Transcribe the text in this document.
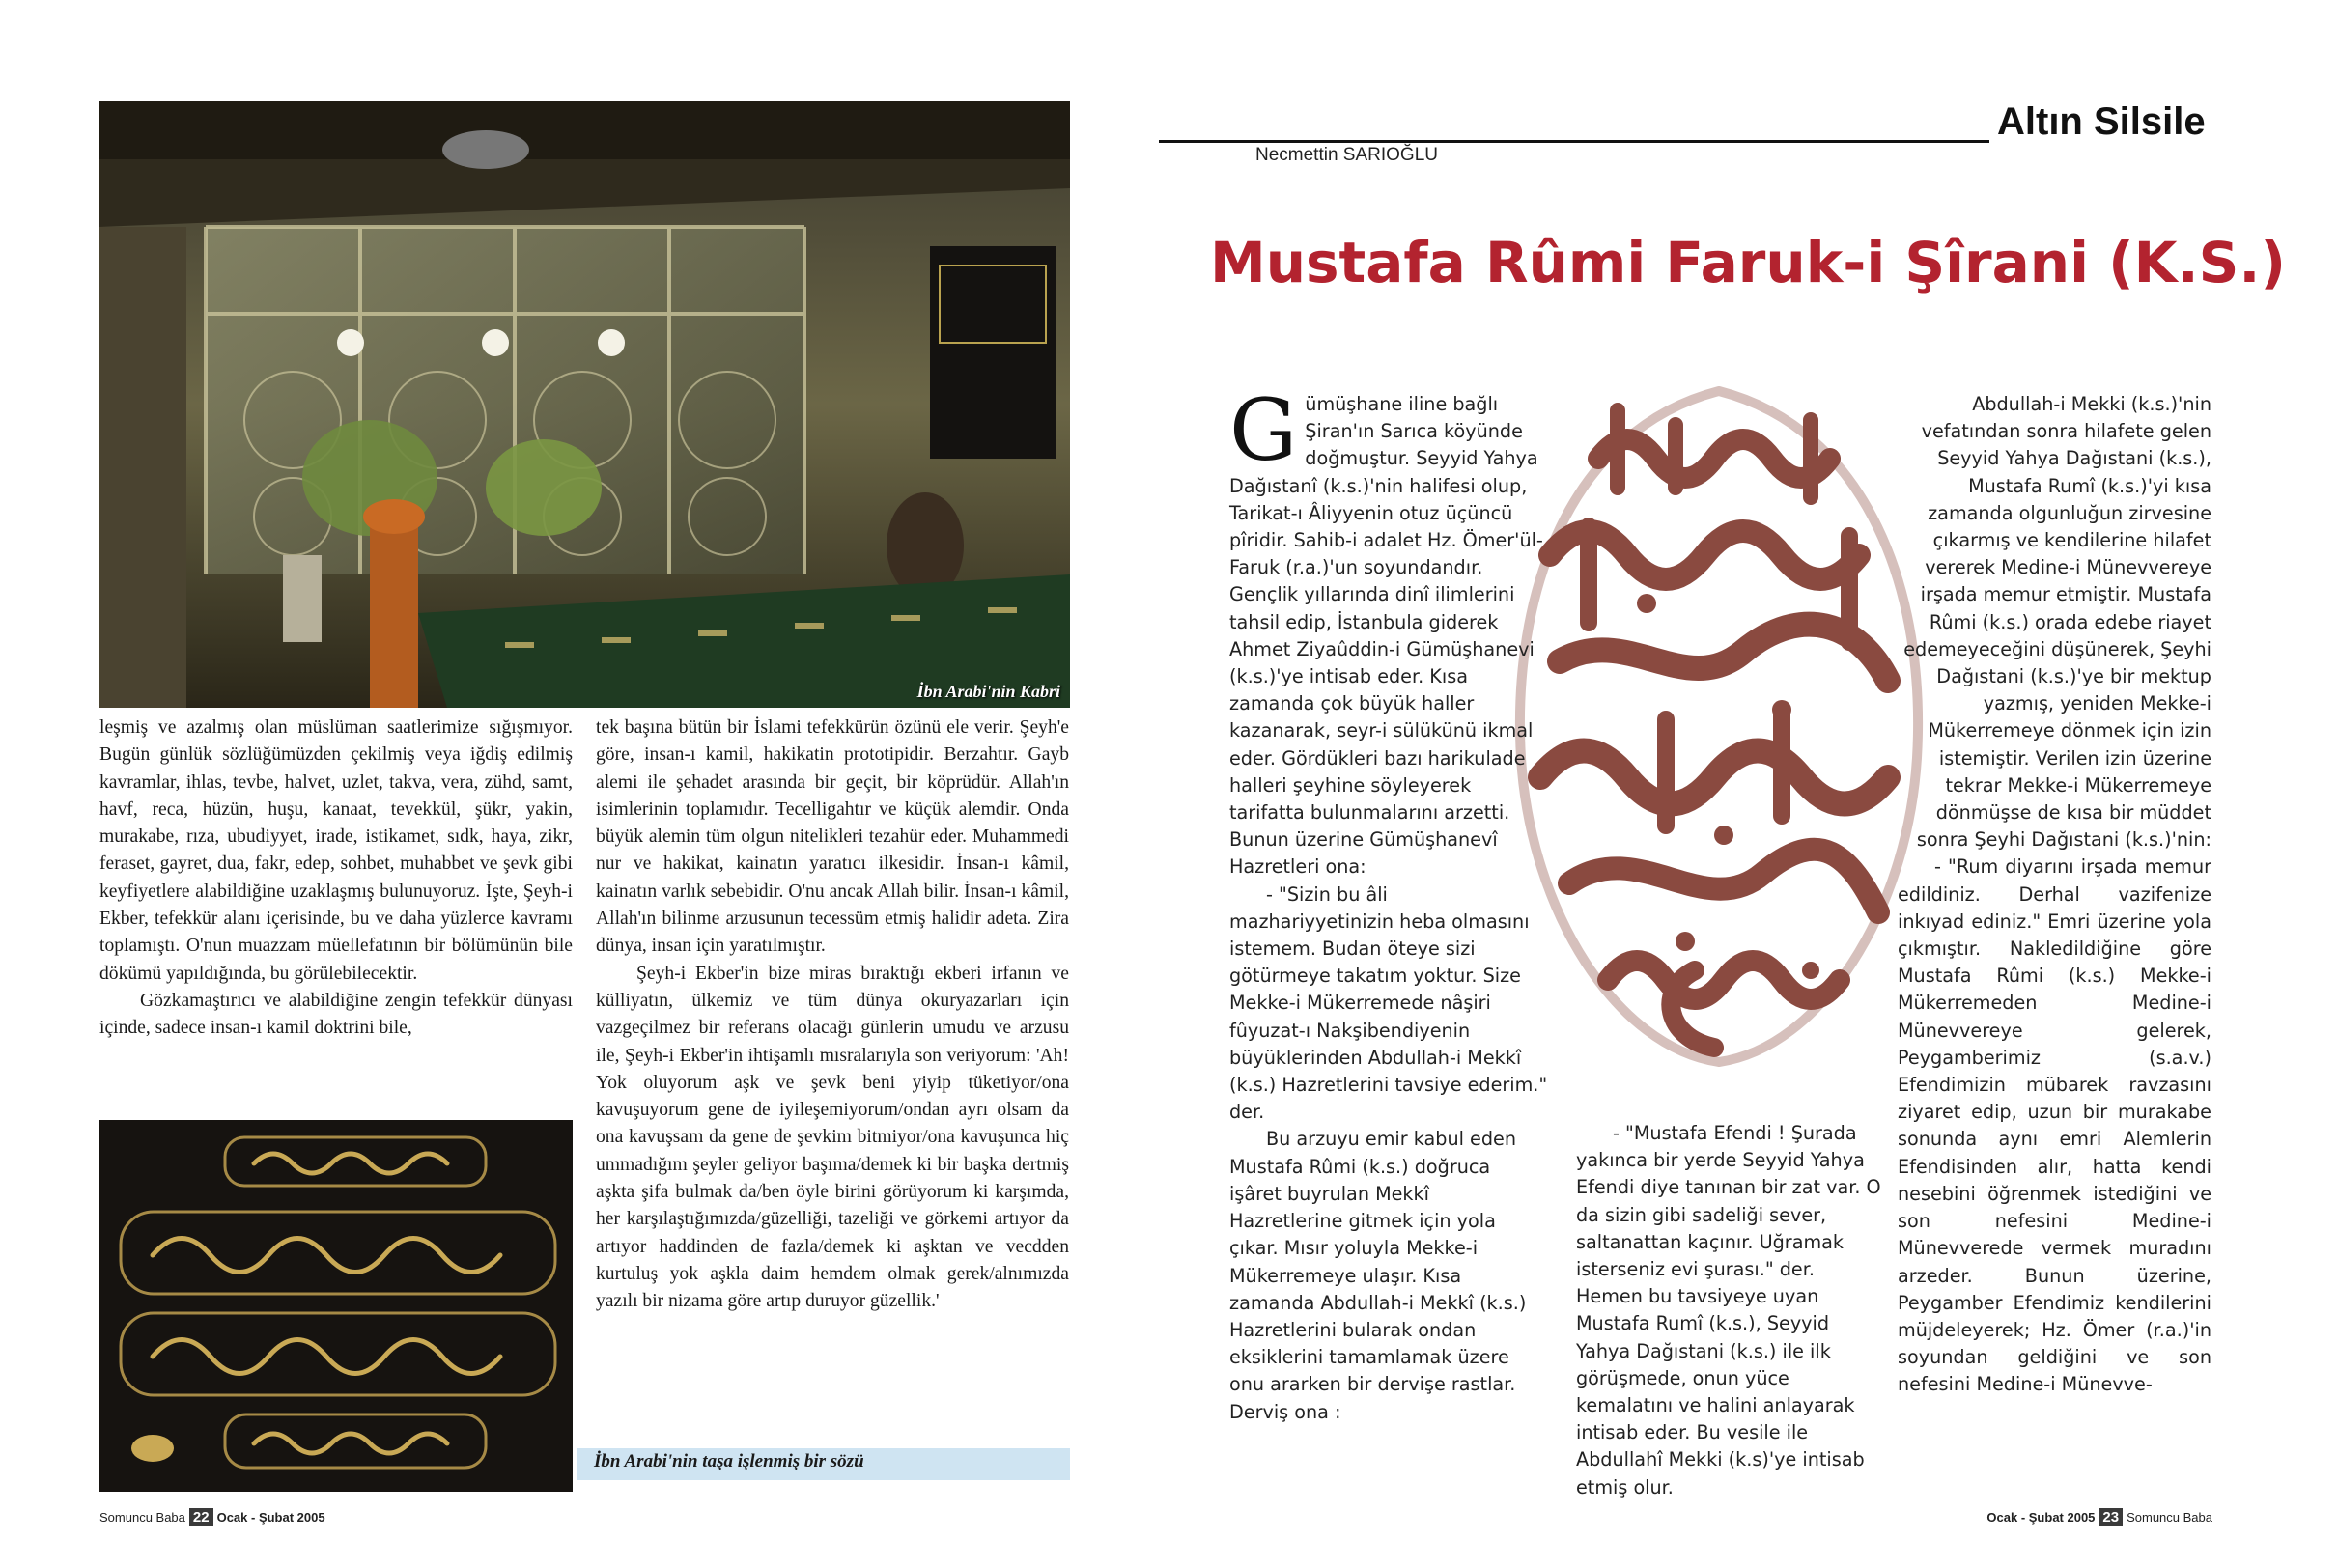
İbn Arabi'nin Kabri

leşmiş ve azalmış olan müslüman saatlerimize sığışmıyor. Bugün günlük sözlüğümüzden çekilmiş veya iğdiş edilmiş kavramlar, ihlas, tevbe, halvet, uzlet, takva, vera, zühd, samt, havf, reca, hüzün, huşu, kanaat, tevekkül, şükr, yakin, murakabe, rıza, ubudiyyet, irade, istikamet, sıdk, haya, zikr, feraset, gayret, dua, fakr, edep, sohbet, muhabbet ve şevk gibi keyfiyetlere alabildiğine uzaklaşmış bulunuyoruz. İşte, Şeyh-i Ekber, tefekkür alanı içerisinde, bu ve daha yüzlerce kavramı toplamıştı. O'nun muazzam müellefatının bir bölümünün bile dökümü yapıldığında, bu görülebilecektir.

Gözkamaştırıcı ve alabildiğine zengin tefekkür dünyası içinde, sadece insan-ı kamil doktrini bile,

tek başına bütün bir İslami tefekkürün özünü ele verir. Şeyh'e göre, insan-ı kamil, hakikatin prototipidir. Berzahtır. Gayb alemi ile şehadet arasında bir geçit, bir köprüdür. Allah'ın isimlerinin toplamıdır. Tecelligahtır ve küçük alemdir. Onda büyük alemin tüm olgun nitelikleri tezahür eder. Muhammedi nur ve hakikat, kainatın yaratıcı ilkesidir. İnsan-ı kâmil, kainatın varlık sebebidir. O'nu ancak Allah bilir. İnsan-ı kâmil, Allah'ın bilinme arzusunun tecessüm etmiş halidir adeta. Zira dünya, insan için yaratılmıştır.

Şeyh-i Ekber'in bize miras bıraktığı ekberi irfanın ve külliyatın, ülkemiz ve tüm dünya okuryazarları için vazgeçilmez bir referans olacağı günlerin umudu ve arzusu ile, Şeyh-i Ekber'in ihtişamlı mısralarıyla son veriyorum: 'Ah! Yok oluyorum aşk ve şevk beni yiyip tüketiyor/ona kavuşuyorum gene de iyileşemiyorum/ondan ayrı olsam da ona kavuşsam da gene de şevkim bitmiyor/ona kavuşunca hiç ummadığım şeyler geliyor başıma/demek ki bir başka dertmiş aşkta şifa bulmak da/ben öyle birini görüyorum ki karşımda, her karşılaştığımızda/güzelliği, tazeliği ve görkemi artıyor da artıyor haddinden de fazla/demek ki aşktan ve vecdden kurtuluş yok aşkla daim hemdem olmak gerek/alnımızda yazılı bir nizama göre artıp duruyor güzellik.'

İbn Arabi'nin taşa işlenmiş bir sözü
Somuncu Baba 22 Ocak - Şubat 2005
Altın Silsile
Necmettin SARIOĞLU
Mustafa Rûmi Faruk-i Şîrani (K.S.)

Gümüşhane iline bağlı Şiran'ın Sarıca köyünde doğmuştur. Seyyid Yahya Dağıstanî (k.s.)'nin halifesi olup, Tarikat-ı Âliyyenin otuz üçüncü pîridir. Sahib-i adalet Hz. Ömer'ül-Faruk (r.a.)'un soyundandır. Gençlik yıllarında dinî ilimlerini tahsil edip, İstanbula giderek Ahmet Ziyaûddin-i Gümüşhanevi (k.s.)'ye intisab eder. Kısa zamanda çok büyük haller kazanarak, seyr-i sülükünü ikmal eder. Gördükleri bazı harikulade halleri şeyhine söyleyerek tarifatta bulunmalarını arzetti. Bunun üzerine Gümüşhanevî Hazretleri ona:

- "Sizin bu âli mazhariyyetinizin heba olmasını istemem. Budan öteye sizi götürmeye takatım yoktur. Size Mekke-i Mükerremede nâşiri fûyuzat-ı Nakşibendiyenin büyüklerinden Abdullah-i Mekkî (k.s.) Hazretlerini tavsiye ederim." der.

Bu arzuyu emir kabul eden Mustafa Rûmi (k.s.) doğruca işâret buyrulan Mekkî Hazretlerine gitmek için yola çıkar. Mısır yoluyla Mekke-i Mükerremeye ulaşır. Kısa zamanda Abdullah-i Mekkî (k.s.) Hazretlerini bularak ondan eksiklerini tamamlamak üzere onu ararken bir dervişe rastlar. Derviş ona :

- "Mustafa Efendi ! Şurada yakınca bir yerde Seyyid Yahya Efendi diye tanınan bir zat var. O da sizin gibi sadeliği sever, saltanattan kaçınır. Uğramak isterseniz evi şurası." der. Hemen bu tavsiyeye uyan Mustafa Rumî (k.s.), Seyyid Yahya Dağıstani (k.s.) ile ilk görüşmede, onun yüce kemalatını ve halini anlayarak intisab eder. Bu vesile ile Abdullahî Mekki (k.s)'ye intisab etmiş olur.

Abdullah-i Mekki (k.s.)'nin vefatından sonra hilafete gelen Seyyid Yahya Dağıstani (k.s.), Mustafa Rumî (k.s.)'yi kısa zamanda olgunluğun zirvesine çıkarmış ve kendilerine hilafet vererek Medine-i Münevvereye irşada memur etmiştir. Mustafa Rûmi (k.s.) orada edebe riayet edemeyeceğini düşünerek, Şeyhi Dağıstani (k.s.)'ye bir mektup yazmış, yeniden Mekke-i Mükerremeye dönmek için izin istemiştir. Verilen izin üzerine tekrar Mekke-i Mükerremeye dönmüşse de kısa bir müddet sonra Şeyhi Dağıstani (k.s.)'nin:

- "Rum diyarını irşada memur edildiniz. Derhal vazifenize inkıyad ediniz." Emri üzerine yola çıkmıştır. Nakledildiğine göre Mustafa Rûmi (k.s.) Mekke-i Mükerremeden Medine-i Münevvereye gelerek, Peygamberimiz (s.a.v.) Efendimizin mübarek ravzasını ziyaret edip, uzun bir murakabe sonunda aynı emri Alemlerin Efendisinden alır, hatta kendi nesebini öğrenmek istediğini ve son nefesini Medine-i Münevverede vermek muradını arzeder. Bunun üzerine, Peygamber Efendimiz kendilerini müjdeleyerek; Hz. Ömer (r.a.)'in soyundan geldiğini ve son nefesini Medine-i Münevve-

Ocak - Şubat 2005 23 Somuncu Baba
